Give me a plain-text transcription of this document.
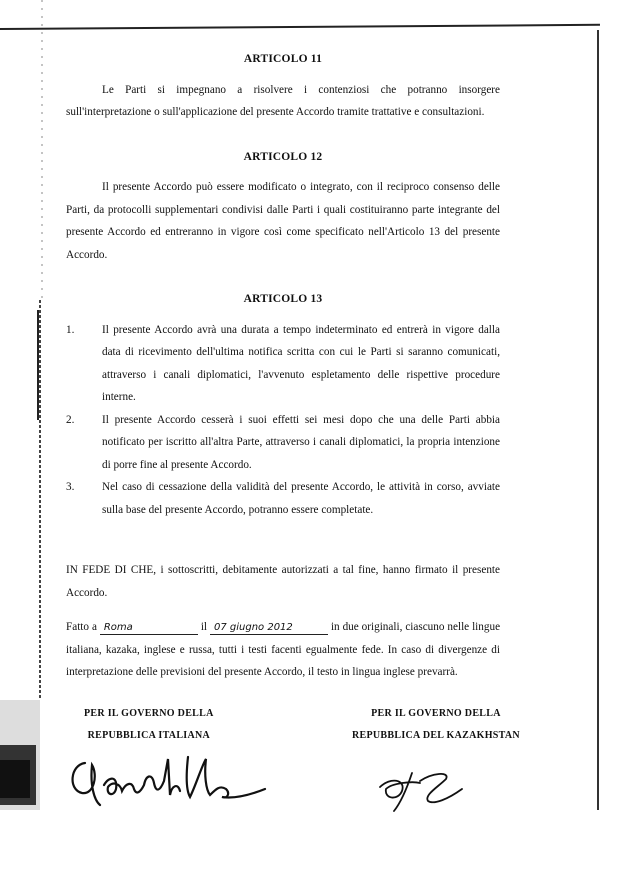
ARTICOLO 11

Le Parti si impegnano a risolvere i contenziosi che potranno insorgere sull'interpretazione o sull'applicazione del presente Accordo tramite trattative e consultazioni.

ARTICOLO 12

Il presente Accordo può essere modificato o integrato, con il reciproco consenso delle Parti, da protocolli supplementari condivisi dalle Parti i quali costituiranno parte integrante del presente Accordo ed entreranno in vigore così come specificato nell'Articolo 13 del presente Accordo.

ARTICOLO 13
1.	Il presente Accordo avrà una durata a tempo indeterminato ed entrerà in vigore dalla data di ricevimento dell'ultima notifica scritta con cui le Parti si saranno comunicati, attraverso i canali diplomatici, l'avvenuto espletamento delle rispettive procedure interne.
2.	Il presente Accordo cesserà i suoi effetti sei mesi dopo che una delle Parti abbia notificato per iscritto all'altra Parte, attraverso i canali diplomatici, la propria intenzione di porre fine al presente Accordo.
3.	Nel caso di cessazione della validità del presente Accordo, le attività in corso, avviate sulla base del presente Accordo, potranno essere completate.

IN FEDE DI CHE, i sottoscritti, debitamente autorizzati a tal fine, hanno firmato il presente Accordo.

Fatto a Roma	il 07 giugno 2012	in due originali, ciascuno nelle lingue italiana, kazaka, inglese e russa, tutti i testi facenti egualmente fede. In caso di divergenze di interpretazione delle previsioni del presente Accordo, il testo in lingua inglese prevarrà.

PER IL GOVERNO DELLA
REPUBBLICA ITALIANA
PER IL GOVERNO DELLA
REPUBBLICA DEL KAZAKHSTAN
